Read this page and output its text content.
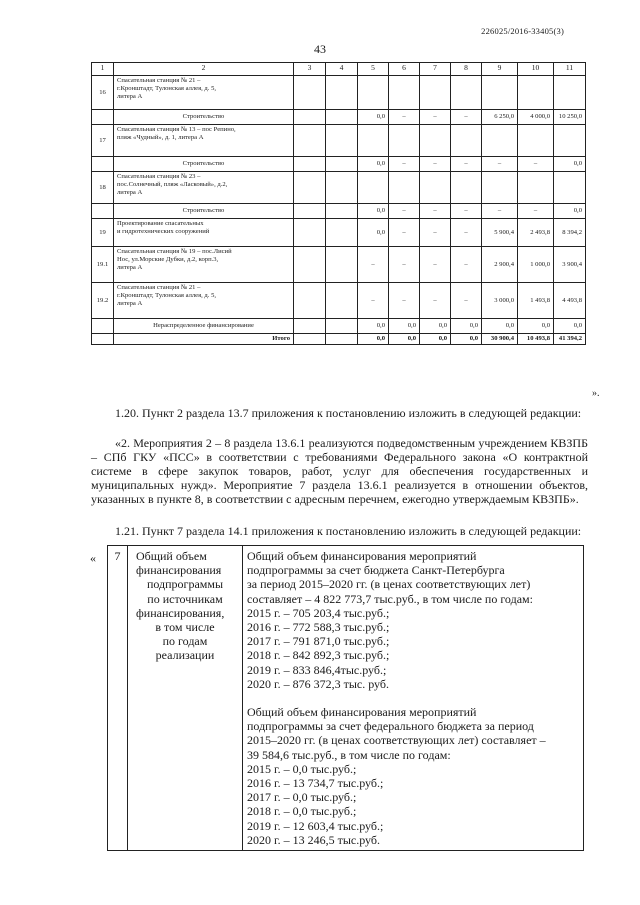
226025/2016-33405(3)
43
1	2	3	4	5	6	7	8	9	10	11
16	Спасательная станция № 21 –
г.Кронштадт, Тулонская аллея, д. 5,
литера А									
	Строительство			0,0	–	–	–	6 250,0	4 000,0	10 250,0
17	Спасательная станция № 13 – пос Репино,
пляж «Чудный», д. 1, литера А									
	Строительство			0,0	–	–	–	–	–	0,0
18	Спасательная станция № 23 –
пос.Солнечный, пляж «Ласковый», д.2,
литера А									
	Строительство			0,0	–	–	–	–	–	0,0
19	Проектирование спасательных
и гидротехнических сооружений			0,0	–	–	–	5 900,4	2 493,8	8 394,2
19.1	Спасательная станция № 19 – пос.Лисий
Нос, ул.Морские Дубки, д.2, корп.3,
литера А			–	–	–	–	2 900,4	1 000,0	3 900,4
19.2	Спасательная станция № 21 –
г.Кронштадт, Тулонская аллея, д. 5,
литера А			–	–	–	–	3 000,0	1 493,8	4 493,8
	Нераспределенное финансирование			0,0	0,0	0,0	0,0	0,0	0,0	0,0
	Итого			0,0	0,0	0,0	0,0	30 900,4	10 493,8	41 394,2
».
1.20. Пункт 2 раздела 13.7 приложения к постановлению изложить в следующей редакции:
«2. Мероприятия 2 – 8 раздела 13.6.1 реализуются подведомственным учреждением КВЗПБ – СПб ГКУ «ПСС» в соответствии с требованиями Федерального закона «О контрактной системе в сфере закупок товаров, работ, услуг для обеспечения государственных и муниципальных нужд». Мероприятие 7 раздела 13.6.1 реализуется в отношении объектов, указанных в пункте 8, в соответствии с адресным перечнем, ежегодно утверждаемым КВЗПБ».
1.21. Пункт 7 раздела 14.1 приложения к постановлению изложить в следующей редакции:
« 7	Общий объем
финансирования
подпрограммы
по источникам
финансирования,
в том числе
по годам
реализации

Общий объем финансирования мероприятий
подпрограммы за счет бюджета Санкт-Петербурга
за период 2015–2020 гг. (в ценах соответствующих лет)
составляет – 4 822 773,7 тыс.руб., в том числе по годам:
2015 г. – 705 203,4 тыс.руб.;
2016 г. – 772 588,3 тыс.руб.;
2017 г. – 791 871,0 тыс.руб.;
2018 г. – 842 892,3 тыс.руб.;
2019 г. – 833 846,4тыс.руб.;
2020 г. – 876 372,3 тыс. руб.
Общий объем финансирования мероприятий
подпрограммы за счет федерального бюджета за период
2015–2020 гг. (в ценах соответствующих лет) составляет –
39 584,6 тыс.руб., в том числе по годам:
2015 г. – 0,0 тыс.руб.;
2016 г. – 13 734,7 тыс.руб.;
2017 г. – 0,0 тыс.руб.;
2018 г. – 0,0 тыс.руб.;
2019 г. – 12 603,4 тыс.руб.;
2020 г. – 13 246,5 тыс.руб.
